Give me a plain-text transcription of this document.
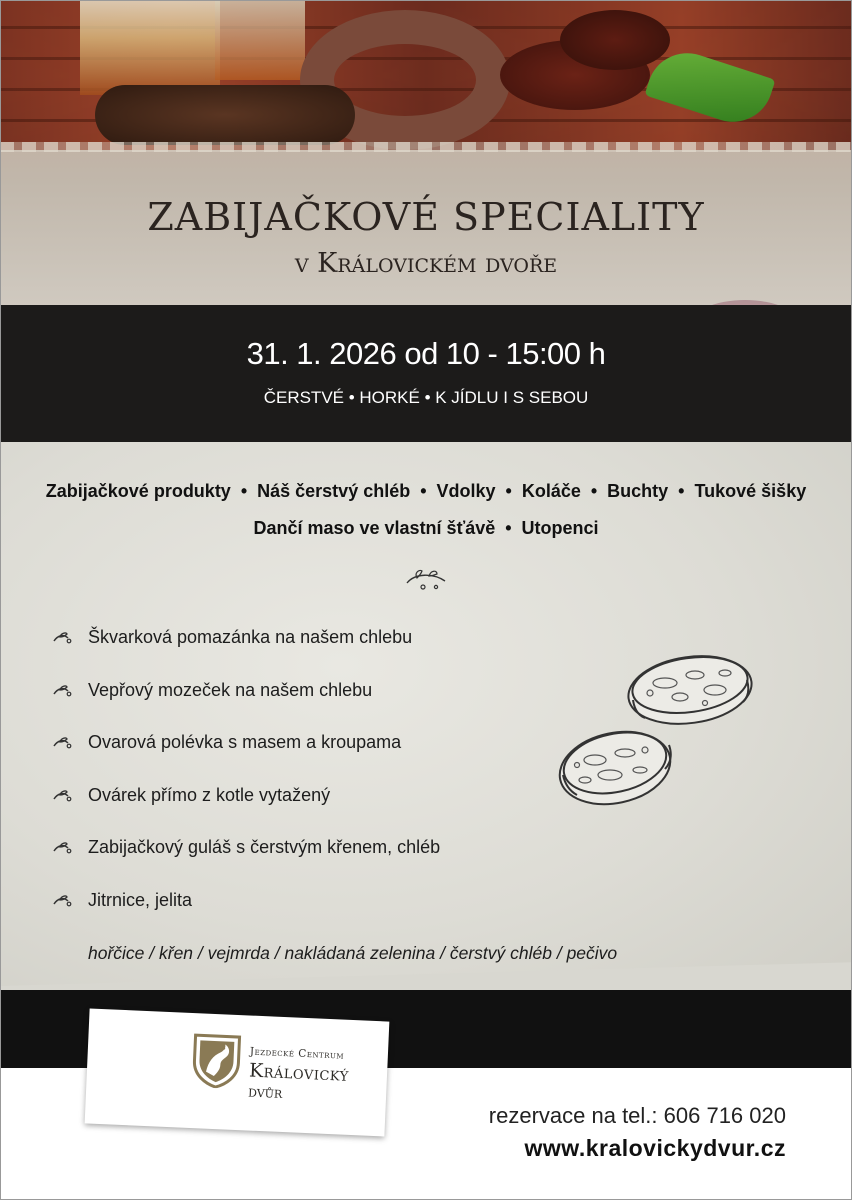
ZABIJAČKOVÉ SPECIALITY
v Královickém dvoře
31. 1. 2026 od 10 - 15:00 h
ČERSTVÉ • HORKÉ • K JÍDLU I S SEBOU
Zabijačkové produkty  •  Náš čerstvý chléb  •  Vdolky  •  Koláče  •  Buchty  •  Tukové šišky
Dančí maso ve vlastní šťávě  •  Utopenci
Škvarková pomazánka na našem chlebu
Vepřový mozeček na našem chlebu
Ovarová polévka s masem a kroupama
Ovárek přímo z kotle vytažený
Zabijačkový guláš s čerstvým křenem, chléb
Jitrnice, jelita
hořčice / křen / vejmrda / nakládaná zelenina / čerstvý chléb / pečivo
Jezdecké Centrum
Královický
dvůr
rezervace na tel.: 606 716 020
www.kralovickydvur.cz
